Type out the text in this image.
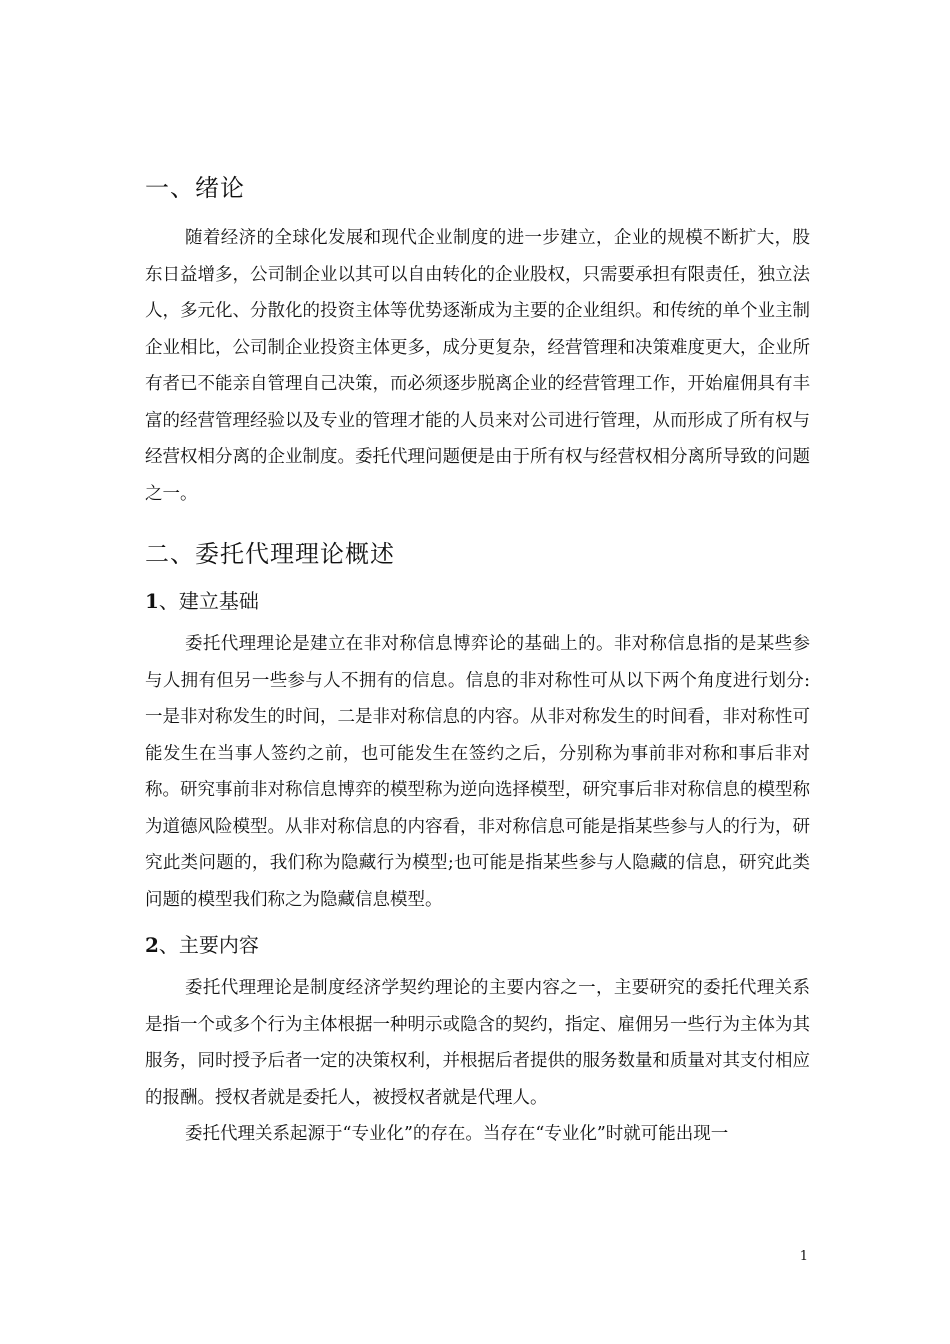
一、绪论

随着经济的全球化发展和现代企业制度的进一步建立，企业的规模不断扩大，股东日益增多，公司制企业以其可以自由转化的企业股权，只需要承担有限责任，独立法人，多元化、分散化的投资主体等优势逐渐成为主要的企业组织。和传统的单个业主制企业相比，公司制企业投资主体更多，成分更复杂，经营管理和决策难度更大，企业所有者已不能亲自管理自己决策，而必须逐步脱离企业的经营管理工作，开始雇佣具有丰富的经营管理经验以及专业的管理才能的人员来对公司进行管理，从而形成了所有权与经营权相分离的企业制度。委托代理问题便是由于所有权与经营权相分离所导致的问题之一。

二、委托代理理论概述
1、建立基础

委托代理理论是建立在非对称信息博弈论的基础上的。非对称信息指的是某些参与人拥有但另一些参与人不拥有的信息。信息的非对称性可从以下两个角度进行划分:一是非对称发生的时间，二是非对称信息的内容。从非对称发生的时间看，非对称性可能发生在当事人签约之前，也可能发生在签约之后，分别称为事前非对称和事后非对称。研究事前非对称信息博弈的模型称为逆向选择模型，研究事后非对称信息的模型称为道德风险模型。从非对称信息的内容看，非对称信息可能是指某些参与人的行为，研究此类问题的，我们称为隐藏行为模型;也可能是指某些参与人隐藏的信息，研究此类问题的模型我们称之为隐藏信息模型。

2、主要内容

委托代理理论是制度经济学契约理论的主要内容之一，主要研究的委托代理关系是指一个或多个行为主体根据一种明示或隐含的契约，指定、雇佣另一些行为主体为其服务，同时授予后者一定的决策权利，并根据后者提供的服务数量和质量对其支付相应的报酬。授权者就是委托人，被授权者就是代理人。

委托代理关系起源于“专业化”的存在。当存在“专业化”时就可能出现一

1
